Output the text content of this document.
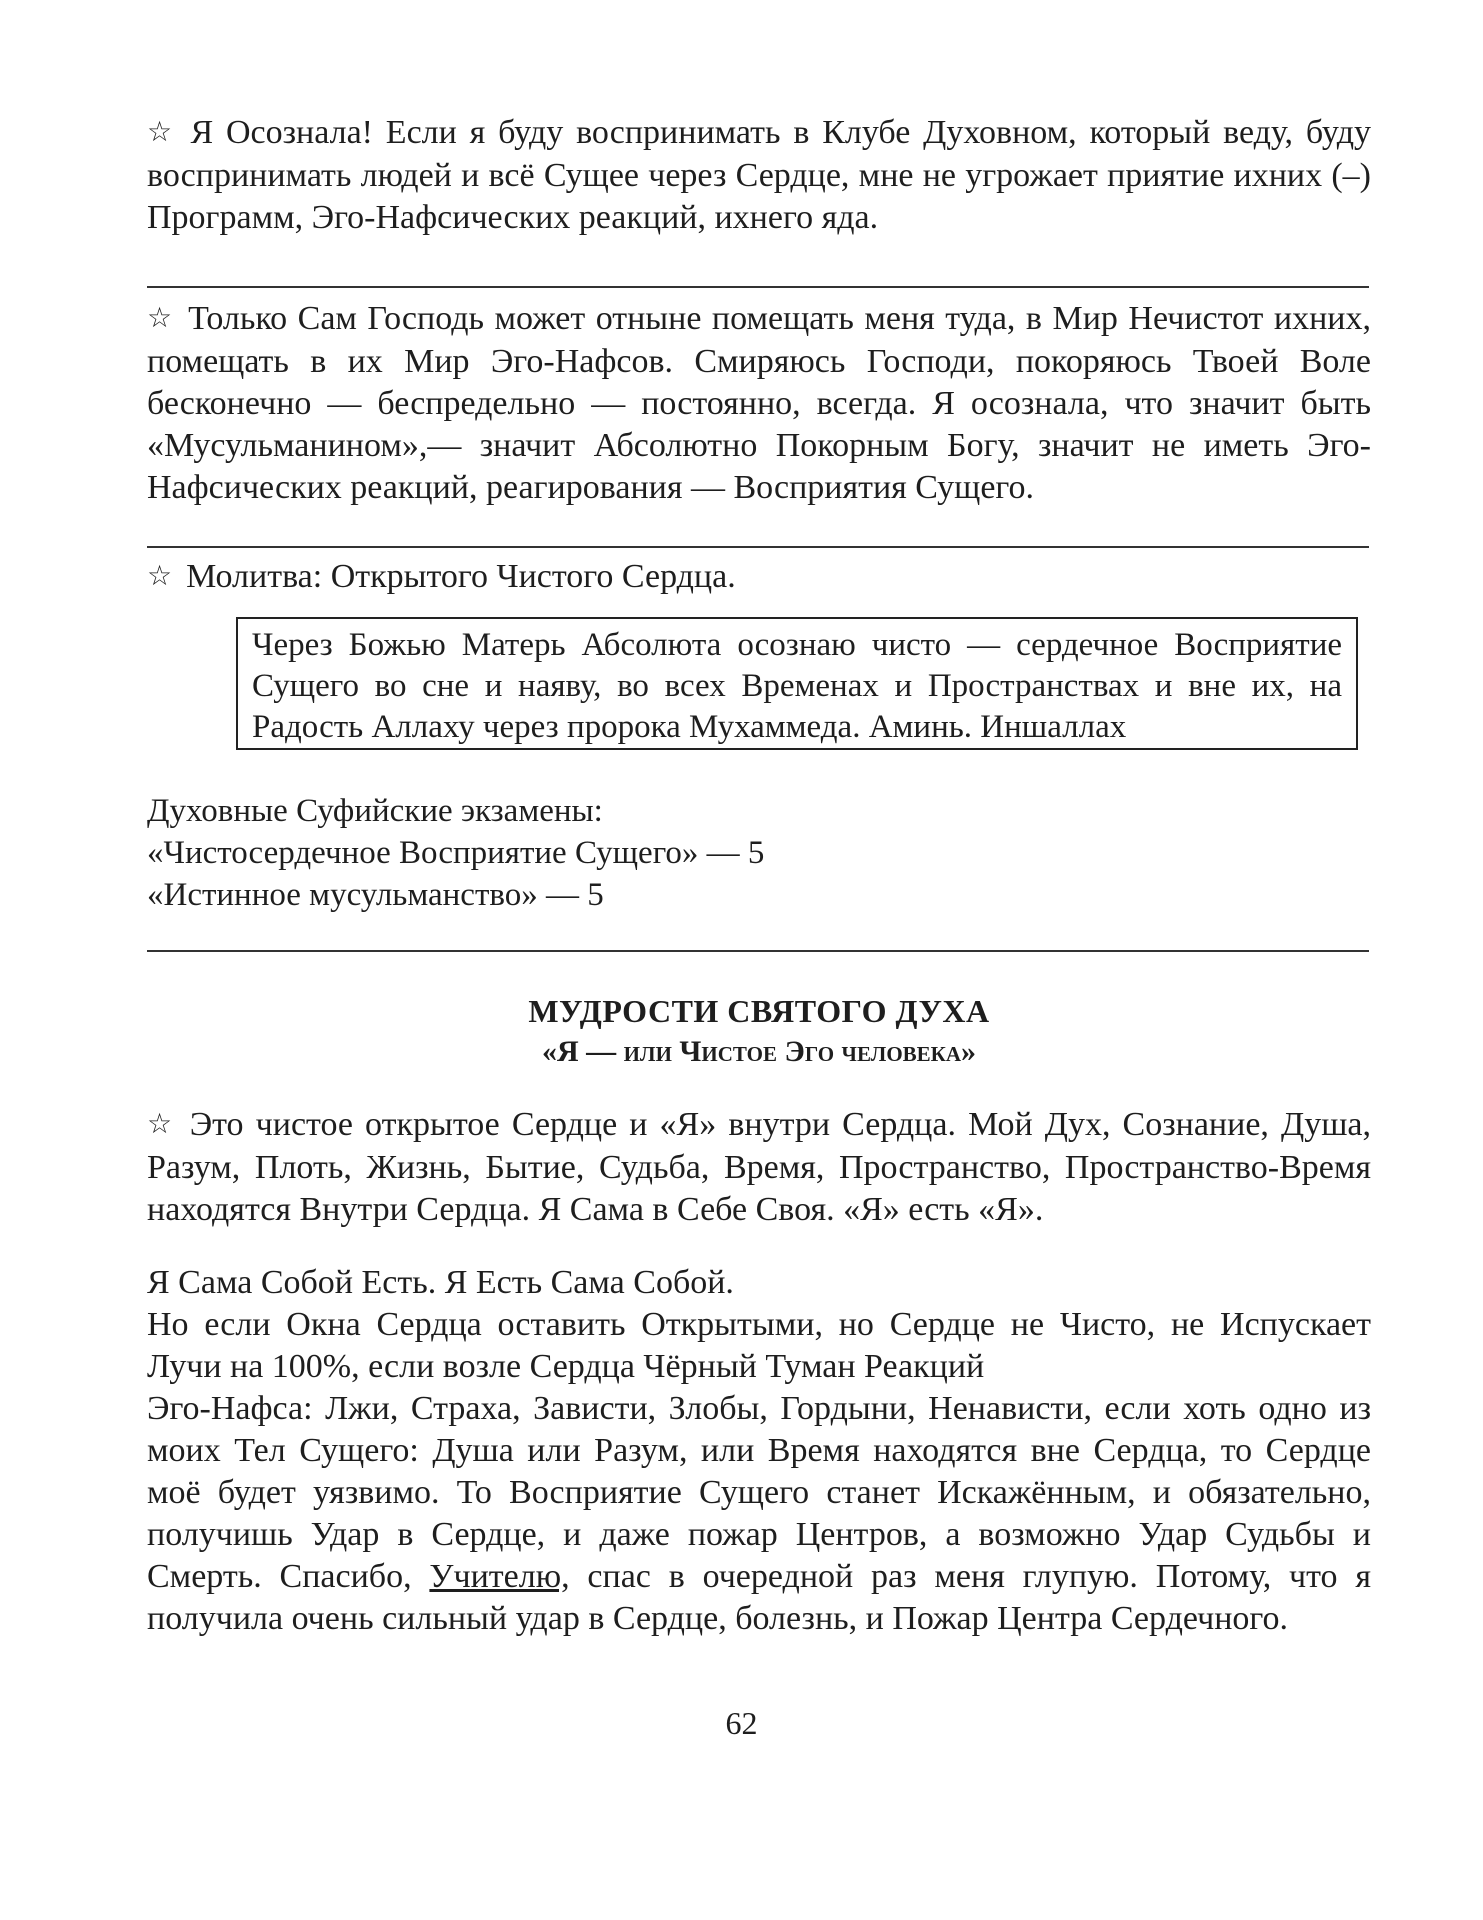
☆ Я Осознала! Если я буду воспринимать в Клубе Духовном, который веду, буду воспринимать людей и всё Сущее через Сердце, мне не угрожает приятие ихних (–) Программ, Эго-Нафсических реакций, ихнего яда.

☆ Только Сам Господь может отныне помещать меня туда, в Мир Нечистот ихних, помещать в их Мир Эго-Нафсов. Смиряюсь Господи, покоряюсь Твоей Воле бесконечно — беспредельно — постоянно, всегда. Я осознала, что значит быть «Мусульманином»,— значит Абсолютно Покорным Богу, значит не иметь Эго-Нафсических реакций, реагирования — Восприятия Сущего.

☆ Молитва: Открытого Чистого Сердца.

Через Божью Матерь Абсолюта осознаю чисто — сердечное Восприятие Сущего во сне и наяву, во всех Временах и Пространствах и вне их, на Радость Аллаху через пророка Мухаммеда. Аминь. Иншаллах

Духовные Суфийские экзамены:

«Чистосердечное Восприятие Сущего» — 5

«Истинное мусульманство» — 5

МУДРОСТИ СВЯТОГО ДУХА
«Я — или Чистое Эго человека»

☆ Это чистое открытое Сердце и «Я» внутри Сердца. Мой Дух, Сознание, Душа, Разум, Плоть, Жизнь, Бытие, Судьба, Время, Пространство, Пространство-Время находятся Внутри Сердца. Я Сама в Себе Своя. «Я» есть «Я».

Я Сама Собой Есть. Я Есть Сама Собой.

Но если Окна Сердца оставить Открытыми, но Сердце не Чисто, не Испускает Лучи на 100%, если возле Сердца Чёрный Туман Реакций

Эго-Нафса: Лжи, Страха, Зависти, Злобы, Гордыни, Ненависти, если хоть одно из моих Тел Сущего: Душа или Разум, или Время находятся вне Сердца, то Сердце моё будет уязвимо. То Восприятие Сущего станет Искажённым, и обязательно, получишь Удар в Сердце, и даже пожар Центров, а возможно Удар Судьбы и Смерть. Спасибо, Учителю, спас в очередной раз меня глупую. Потому, что я получила очень сильный удар в Сердце, болезнь, и Пожар Центра Сердечного.

62
